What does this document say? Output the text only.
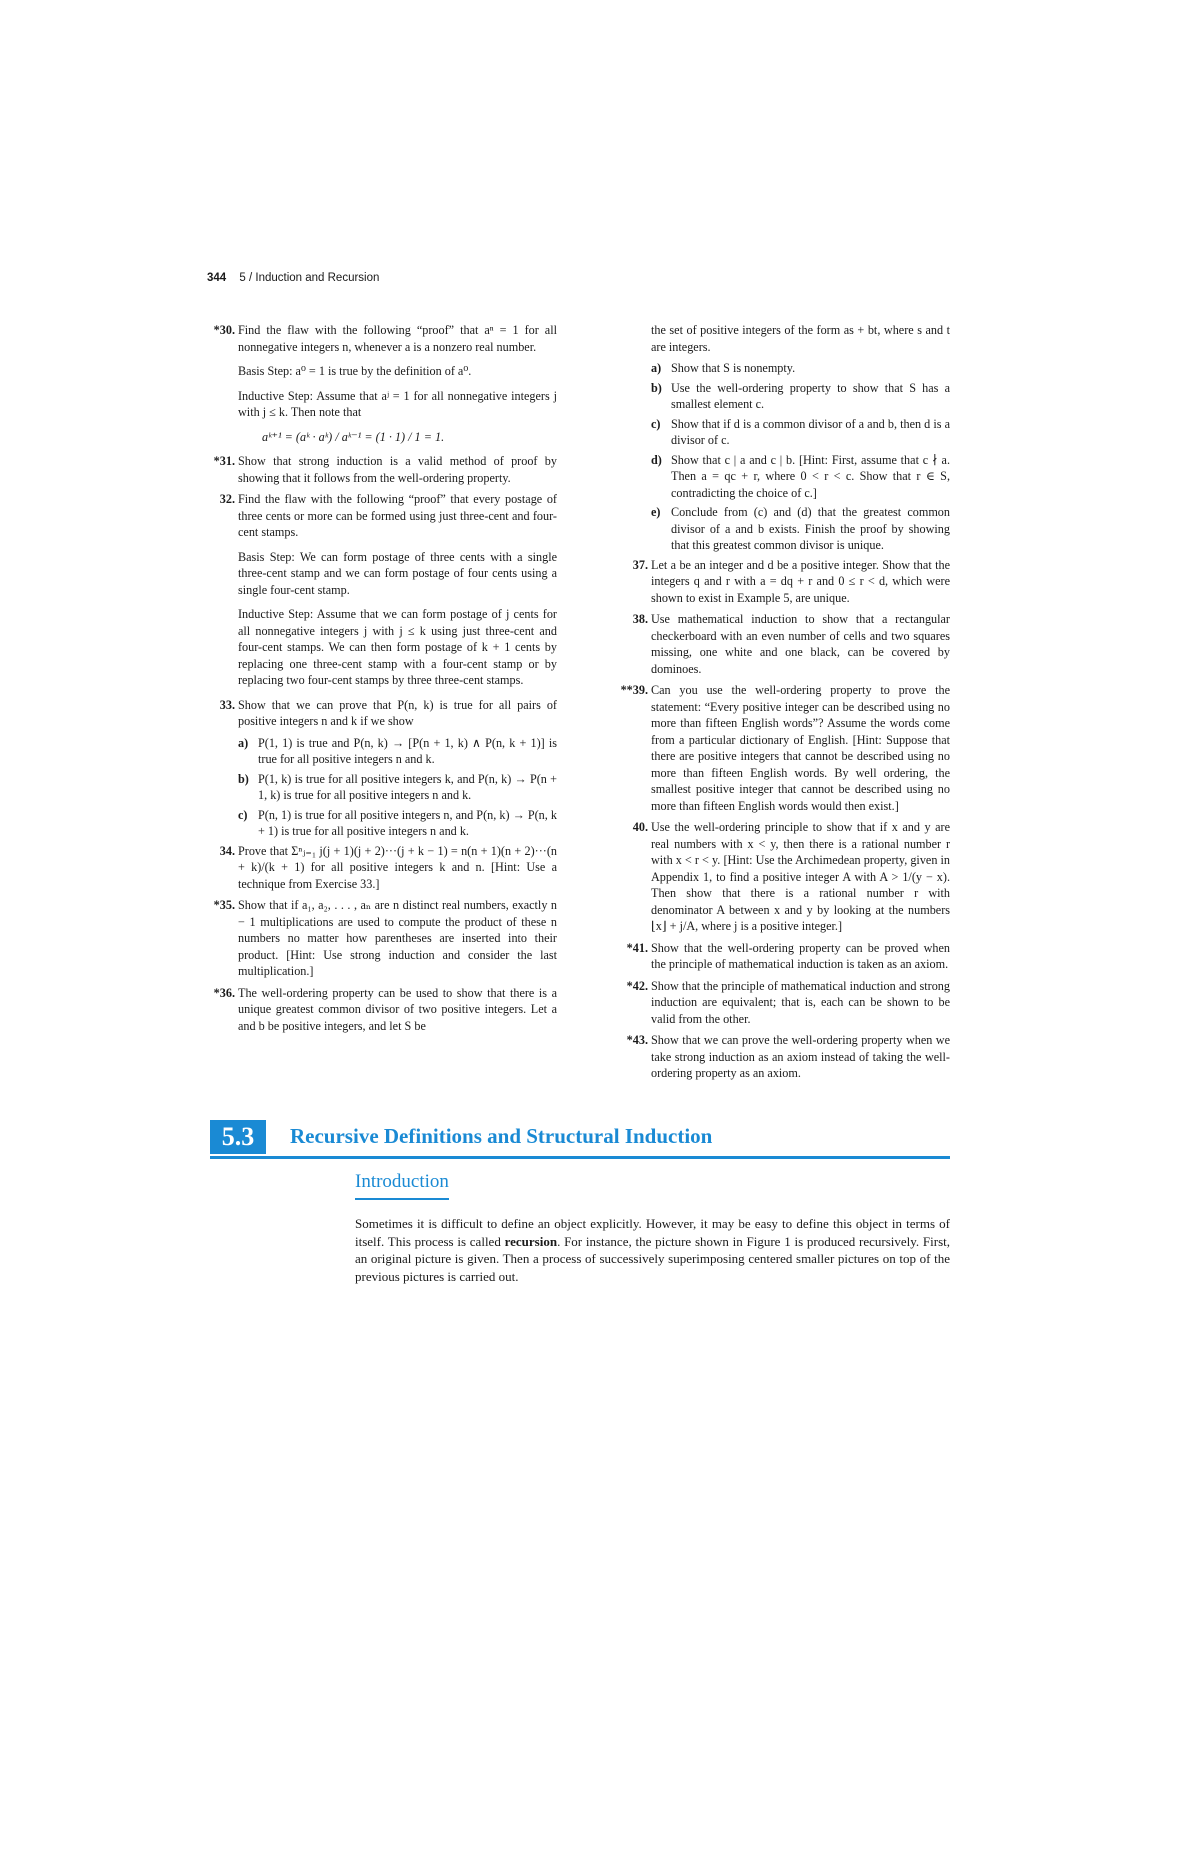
344 5 / Induction and Recursion
*30. Find the flaw with the following “proof” that aⁿ = 1 for all nonnegative integers n, whenever a is a nonzero real number.
Basis Step: a⁰ = 1 is true by the definition of a⁰.
Inductive Step: Assume that aʲ = 1 for all nonnegative integers j with j ≤ k. Then note that
aᵏ⁺¹ = (aᵏ · aᵏ) / aᵏ⁻¹ = (1 · 1) / 1 = 1.
*31. Show that strong induction is a valid method of proof by showing that it follows from the well-ordering property.
32. Find the flaw with the following “proof” that every postage of three cents or more can be formed using just three-cent and four-cent stamps.
Basis Step: We can form postage of three cents with a single three-cent stamp and we can form postage of four cents using a single four-cent stamp.
Inductive Step: Assume that we can form postage of j cents for all nonnegative integers j with j ≤ k using just three-cent and four-cent stamps. We can then form postage of k + 1 cents by replacing one three-cent stamp with a four-cent stamp or by replacing two four-cent stamps by three three-cent stamps.
33. Show that we can prove that P(n, k) is true for all pairs of positive integers n and k if we show
a) P(1, 1) is true and P(n, k) → [P(n + 1, k) ∧ P(n, k + 1)] is true for all positive integers n and k.
b) P(1, k) is true for all positive integers k, and P(n, k) → P(n + 1, k) is true for all positive integers n and k.
c) P(n, 1) is true for all positive integers n, and P(n, k) → P(n, k + 1) is true for all positive integers n and k.
34. Prove that Σⁿⱼ₌₁ j(j + 1)(j + 2)···(j + k − 1) = n(n + 1)(n + 2)···(n + k)/(k + 1) for all positive integers k and n. [Hint: Use a technique from Exercise 33.]
*35. Show that if a₁, a₂, . . . , aₙ are n distinct real numbers, exactly n − 1 multiplications are used to compute the product of these n numbers no matter how parentheses are inserted into their product. [Hint: Use strong induction and consider the last multiplication.]
*36. The well-ordering property can be used to show that there is a unique greatest common divisor of two positive integers. Let a and b be positive integers, and let S be
the set of positive integers of the form as + bt, where s and t are integers.
a) Show that S is nonempty.
b) Use the well-ordering property to show that S has a smallest element c.
c) Show that if d is a common divisor of a and b, then d is a divisor of c.
d) Show that c | a and c | b. [Hint: First, assume that c ∤ a. Then a = qc + r, where 0 < r < c. Show that r ∈ S, contradicting the choice of c.]
e) Conclude from (c) and (d) that the greatest common divisor of a and b exists. Finish the proof by showing that this greatest common divisor is unique.
37. Let a be an integer and d be a positive integer. Show that the integers q and r with a = dq + r and 0 ≤ r < d, which were shown to exist in Example 5, are unique.
38. Use mathematical induction to show that a rectangular checkerboard with an even number of cells and two squares missing, one white and one black, can be covered by dominoes.
**39. Can you use the well-ordering property to prove the statement: “Every positive integer can be described using no more than fifteen English words”? Assume the words come from a particular dictionary of English. [Hint: Suppose that there are positive integers that cannot be described using no more than fifteen English words. By well ordering, the smallest positive integer that cannot be described using no more than fifteen English words would then exist.]
40. Use the well-ordering principle to show that if x and y are real numbers with x < y, then there is a rational number r with x < r < y. [Hint: Use the Archimedean property, given in Appendix 1, to find a positive integer A with A > 1/(y − x). Then show that there is a rational number r with denominator A between x and y by looking at the numbers ⌊x⌋ + j/A, where j is a positive integer.]
*41. Show that the well-ordering property can be proved when the principle of mathematical induction is taken as an axiom.
*42. Show that the principle of mathematical induction and strong induction are equivalent; that is, each can be shown to be valid from the other.
*43. Show that we can prove the well-ordering property when we take strong induction as an axiom instead of taking the well-ordering property as an axiom.
5.3	Recursive Definitions and Structural Induction
Introduction
Sometimes it is difficult to define an object explicitly. However, it may be easy to define this object in terms of itself. This process is called recursion. For instance, the picture shown in Figure 1 is produced recursively. First, an original picture is given. Then a process of successively superimposing centered smaller pictures on top of the previous pictures is carried out.
